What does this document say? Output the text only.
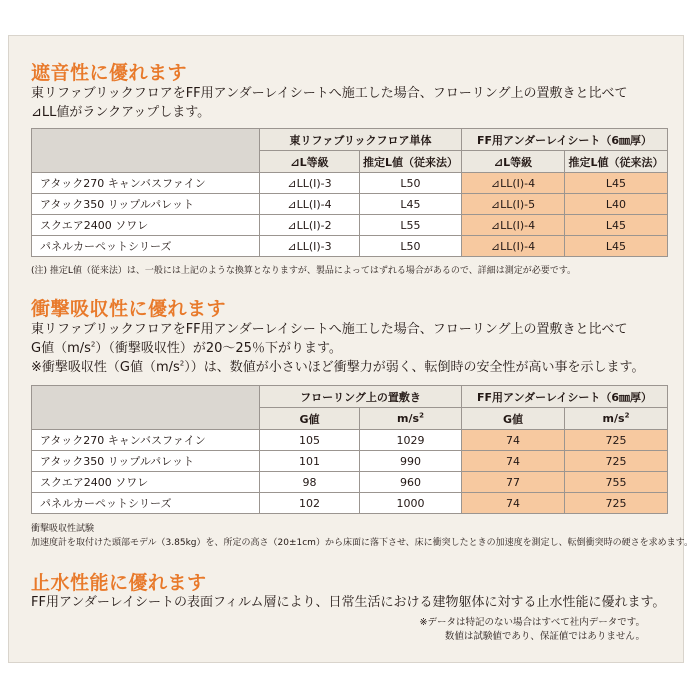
遮音性に優れます

東リファブリックフロアをFF用アンダーレイシートへ施工した場合、フローリング上の置敷きと比べて

⊿LL値がランクアップします。

	東リファブリックフロア単体		FF用アンダーレイシート（6㎜厚）	
	⊿L等級	推定L値（従来法）	⊿L等級	推定L値（従来法）
アタック270 キャンバスファイン	⊿LL(Ⅰ)-3	L50	⊿LL(Ⅰ)-4	L45
アタック350 リップルパレット	⊿LL(Ⅰ)-4	L45	⊿LL(Ⅰ)-5	L40
スクエア2400 ソワレ	⊿LL(Ⅰ)-2	L55	⊿LL(Ⅰ)-4	L45
パネルカーペットシリーズ	⊿LL(Ⅰ)-3	L50	⊿LL(Ⅰ)-4	L45

(注) 推定L値（従来法）は、一般には上記のような換算となりますが、製品によってはずれる場合があるので、詳細は測定が必要です。

衝撃吸収性に優れます

東リファブリックフロアをFF用アンダーレイシートへ施工した場合、フローリング上の置敷きと比べて

G値$(m/s^2)$（衝撃吸収性）が20～25％下がります。

※衝撃吸収性（G値$(m/s^2)$）は、数値が小さいほど衝撃力が弱く、転倒時の安全性が高い事を示します。

	フローリング上の置敷き		FF用アンダーレイシート（6㎜厚）	
	G値	$m/s^2$	G値	$m/s^2$
アタック270 キャンバスファイン	105	1029	74	725
アタック350 リップルパレット	101	990	74	725
スクエア2400 ソワレ	98	960	77	755
パネルカーペットシリーズ	102	1000	74	725

衝撃吸収性試験

加速度計を取付けた頭部モデル（3.85kg）を、所定の高さ（20±1cm）から床面に落下させ、床に衝突したときの加速度を測定し、転倒衝突時の硬さを求めます。

止水性能に優れます

FF用アンダーレイシートの表面フィルム層により、日常生活における建物躯体に対する止水性能に優れます。

※データは特記のない場合はすべて社内データです。

数値は試験値であり、保証値ではありません。
